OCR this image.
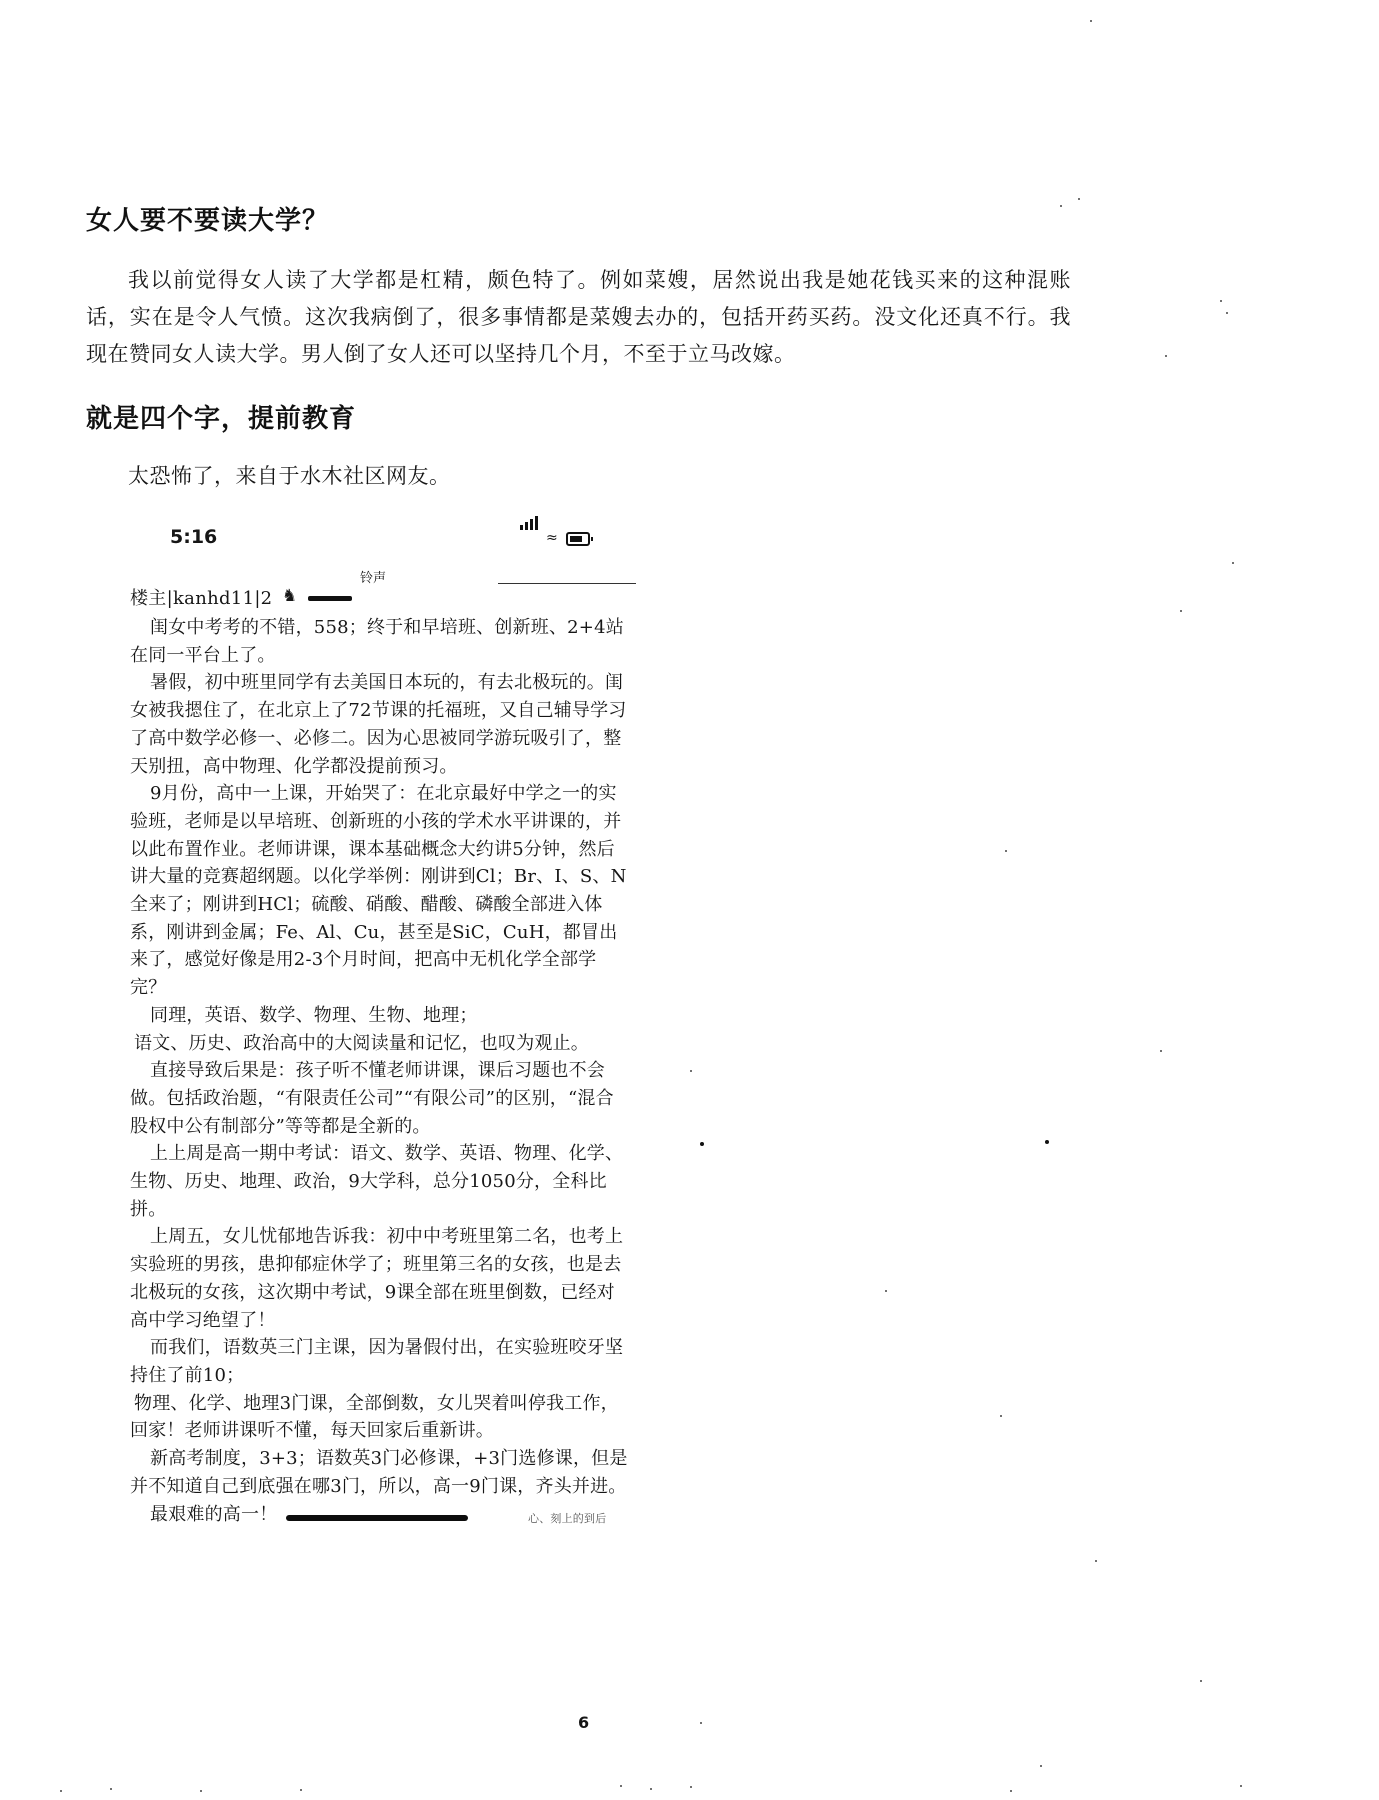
女人要不要读大学？

我以前觉得女人读了大学都是杠精，颇色特了。例如菜嫂，居然说出我是她花钱买来的这种混账话，实在是令人气愤。这次我病倒了，很多事情都是菜嫂去办的，包括开药买药。没文化还真不行。我现在赞同女人读大学。男人倒了女人还可以坚持几个月，不至于立马改嫁。

就是四个字，提前教育

太恐怖了，来自于水木社区网友。

5:16	≈
铃声
楼主|kanhd11|2 ♞

闺女中考考的不错，558；终于和早培班、创新班、2+4站在同一平台上了。

暑假，初中班里同学有去美国日本玩的，有去北极玩的。闺女被我摁住了，在北京上了72节课的托福班，又自己辅导学习了高中数学必修一、必修二。因为心思被同学游玩吸引了，整天别扭，高中物理、化学都没提前预习。

9月份，高中一上课，开始哭了：在北京最好中学之一的实验班，老师是以早培班、创新班的小孩的学术水平讲课的，并以此布置作业。老师讲课，课本基础概念大约讲5分钟，然后讲大量的竞赛超纲题。以化学举例：刚讲到Cl；Br、I、S、N全来了；刚讲到HCl；硫酸、硝酸、醋酸、磷酸全部进入体系，刚讲到金属；Fe、Al、Cu，甚至是SiC，CuH，都冒出来了，感觉好像是用2-3个月时间，把高中无机化学全部学完？

同理，英语、数学、物理、生物、地理；

语文、历史、政治高中的大阅读量和记忆，也叹为观止。

直接导致后果是：孩子听不懂老师讲课，课后习题也不会做。包括政治题，“有限责任公司”“有限公司”的区别，“混合股权中公有制部分”等等都是全新的。

上上周是高一期中考试：语文、数学、英语、物理、化学、生物、历史、地理、政治，9大学科，总分1050分，全科比拼。

上周五，女儿忧郁地告诉我：初中中考班里第二名，也考上实验班的男孩，患抑郁症休学了；班里第三名的女孩，也是去北极玩的女孩，这次期中考试，9课全部在班里倒数，已经对高中学习绝望了！

而我们，语数英三门主课，因为暑假付出，在实验班咬牙坚持住了前10；

物理、化学、地理3门课，全部倒数，女儿哭着叫停我工作，回家！老师讲课听不懂，每天回家后重新讲。

新高考制度，3+3；语数英3门必修课，+3门选修课，但是并不知道自己到底强在哪3门，所以，高一9门课，齐头并进。

最艰难的高一！	心、刻上的到后
6
